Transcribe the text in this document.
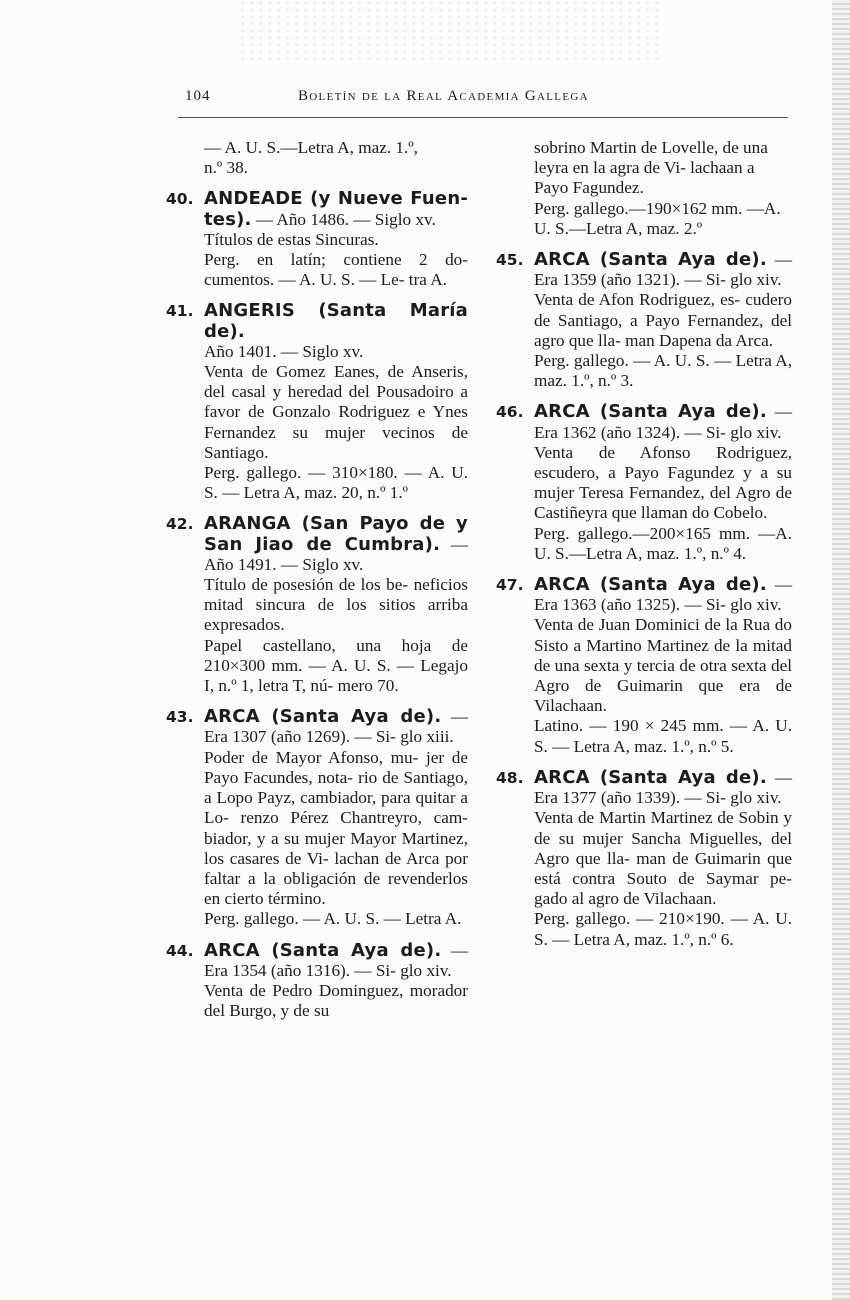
104	Boletín de la Real Academia Gallega
— A. U. S.—Letra A, maz. 1.º,
n.º 38.
40. ANDEADE (y Nueve Fuen- tes). — Año 1486. — Siglo xv.
Títulos de estas Sincuras.
Perg. en latín; contiene 2 do- cumentos. — A. U. S. — Le- tra A.
41. ANGERIS (Santa María de).
Año 1401. — Siglo xv.
Venta de Gomez Eanes, de Anseris, del casal y heredad del Pousadoiro a favor de Gonzalo Rodriguez e Ynes Fernandez su mujer vecinos de Santiago.
Perg. gallego. — 310×180. — A. U. S. — Letra A, maz. 20, n.º 1.º
42. ARANGA (San Payo de y San Jiao de Cumbra). — Año 1491. — Siglo xv.
Título de posesión de los be- neficios mitad sincura de los sitios arriba expresados.
Papel castellano, una hoja de 210×300 mm. — A. U. S. — Legajo I, n.º 1, letra T, nú- mero 70.
43. ARCA (Santa Aya de). — Era 1307 (año 1269). — Si- glo xiii.
Poder de Mayor Afonso, mu- jer de Payo Facundes, nota- rio de Santiago, a Lopo Payz, cambiador, para quitar a Lo- renzo Pérez Chantreyro, cam- biador, y a su mujer Mayor Martinez, los casares de Vi- lachan de Arca por faltar a la obligación de revenderlos en cierto término.
Perg. gallego. — A. U. S. — Letra A.
44. ARCA (Santa Aya de). — Era 1354 (año 1316). — Si- glo xiv.
Venta de Pedro Dominguez, morador del Burgo, y de su
sobrino Martin de Lovelle, de una leyra en la agra de Vi- lachaan a Payo Fagundez.
Perg. gallego.—190×162 mm. —A. U. S.—Letra A, maz. 2.º
45. ARCA (Santa Aya de). — Era 1359 (año 1321). — Si- glo xiv.
Venta de Afon Rodriguez, es- cudero de Santiago, a Payo Fernandez, del agro que lla- man Dapena da Arca.
Perg. gallego. — A. U. S. — Letra A, maz. 1.º, n.º 3.
46. ARCA (Santa Aya de). — Era 1362 (año 1324). — Si- glo xiv.
Venta de Afonso Rodriguez, escudero, a Payo Fagundez y a su mujer Teresa Fernandez, del Agro de Castiñeyra que llaman do Cobelo.
Perg. gallego.—200×165 mm. —A. U. S.—Letra A, maz. 1.º, n.º 4.
47. ARCA (Santa Aya de). — Era 1363 (año 1325). — Si- glo xiv.
Venta de Juan Dominici de la Rua do Sisto a Martino Martinez de la mitad de una sexta y tercia de otra sexta del Agro de Guimarin que era de Vilachaan.
Latino. — 190 × 245 mm. — A. U. S. — Letra A, maz. 1.º, n.º 5.
48. ARCA (Santa Aya de). — Era 1377 (año 1339). — Si- glo xiv.
Venta de Martin Martinez de Sobin y de su mujer Sancha Miguelles, del Agro que lla- man de Guimarin que está contra Souto de Saymar pe- gado al agro de Vilachaan.
Perg. gallego. — 210×190. — A. U. S. — Letra A, maz. 1.º, n.º 6.
